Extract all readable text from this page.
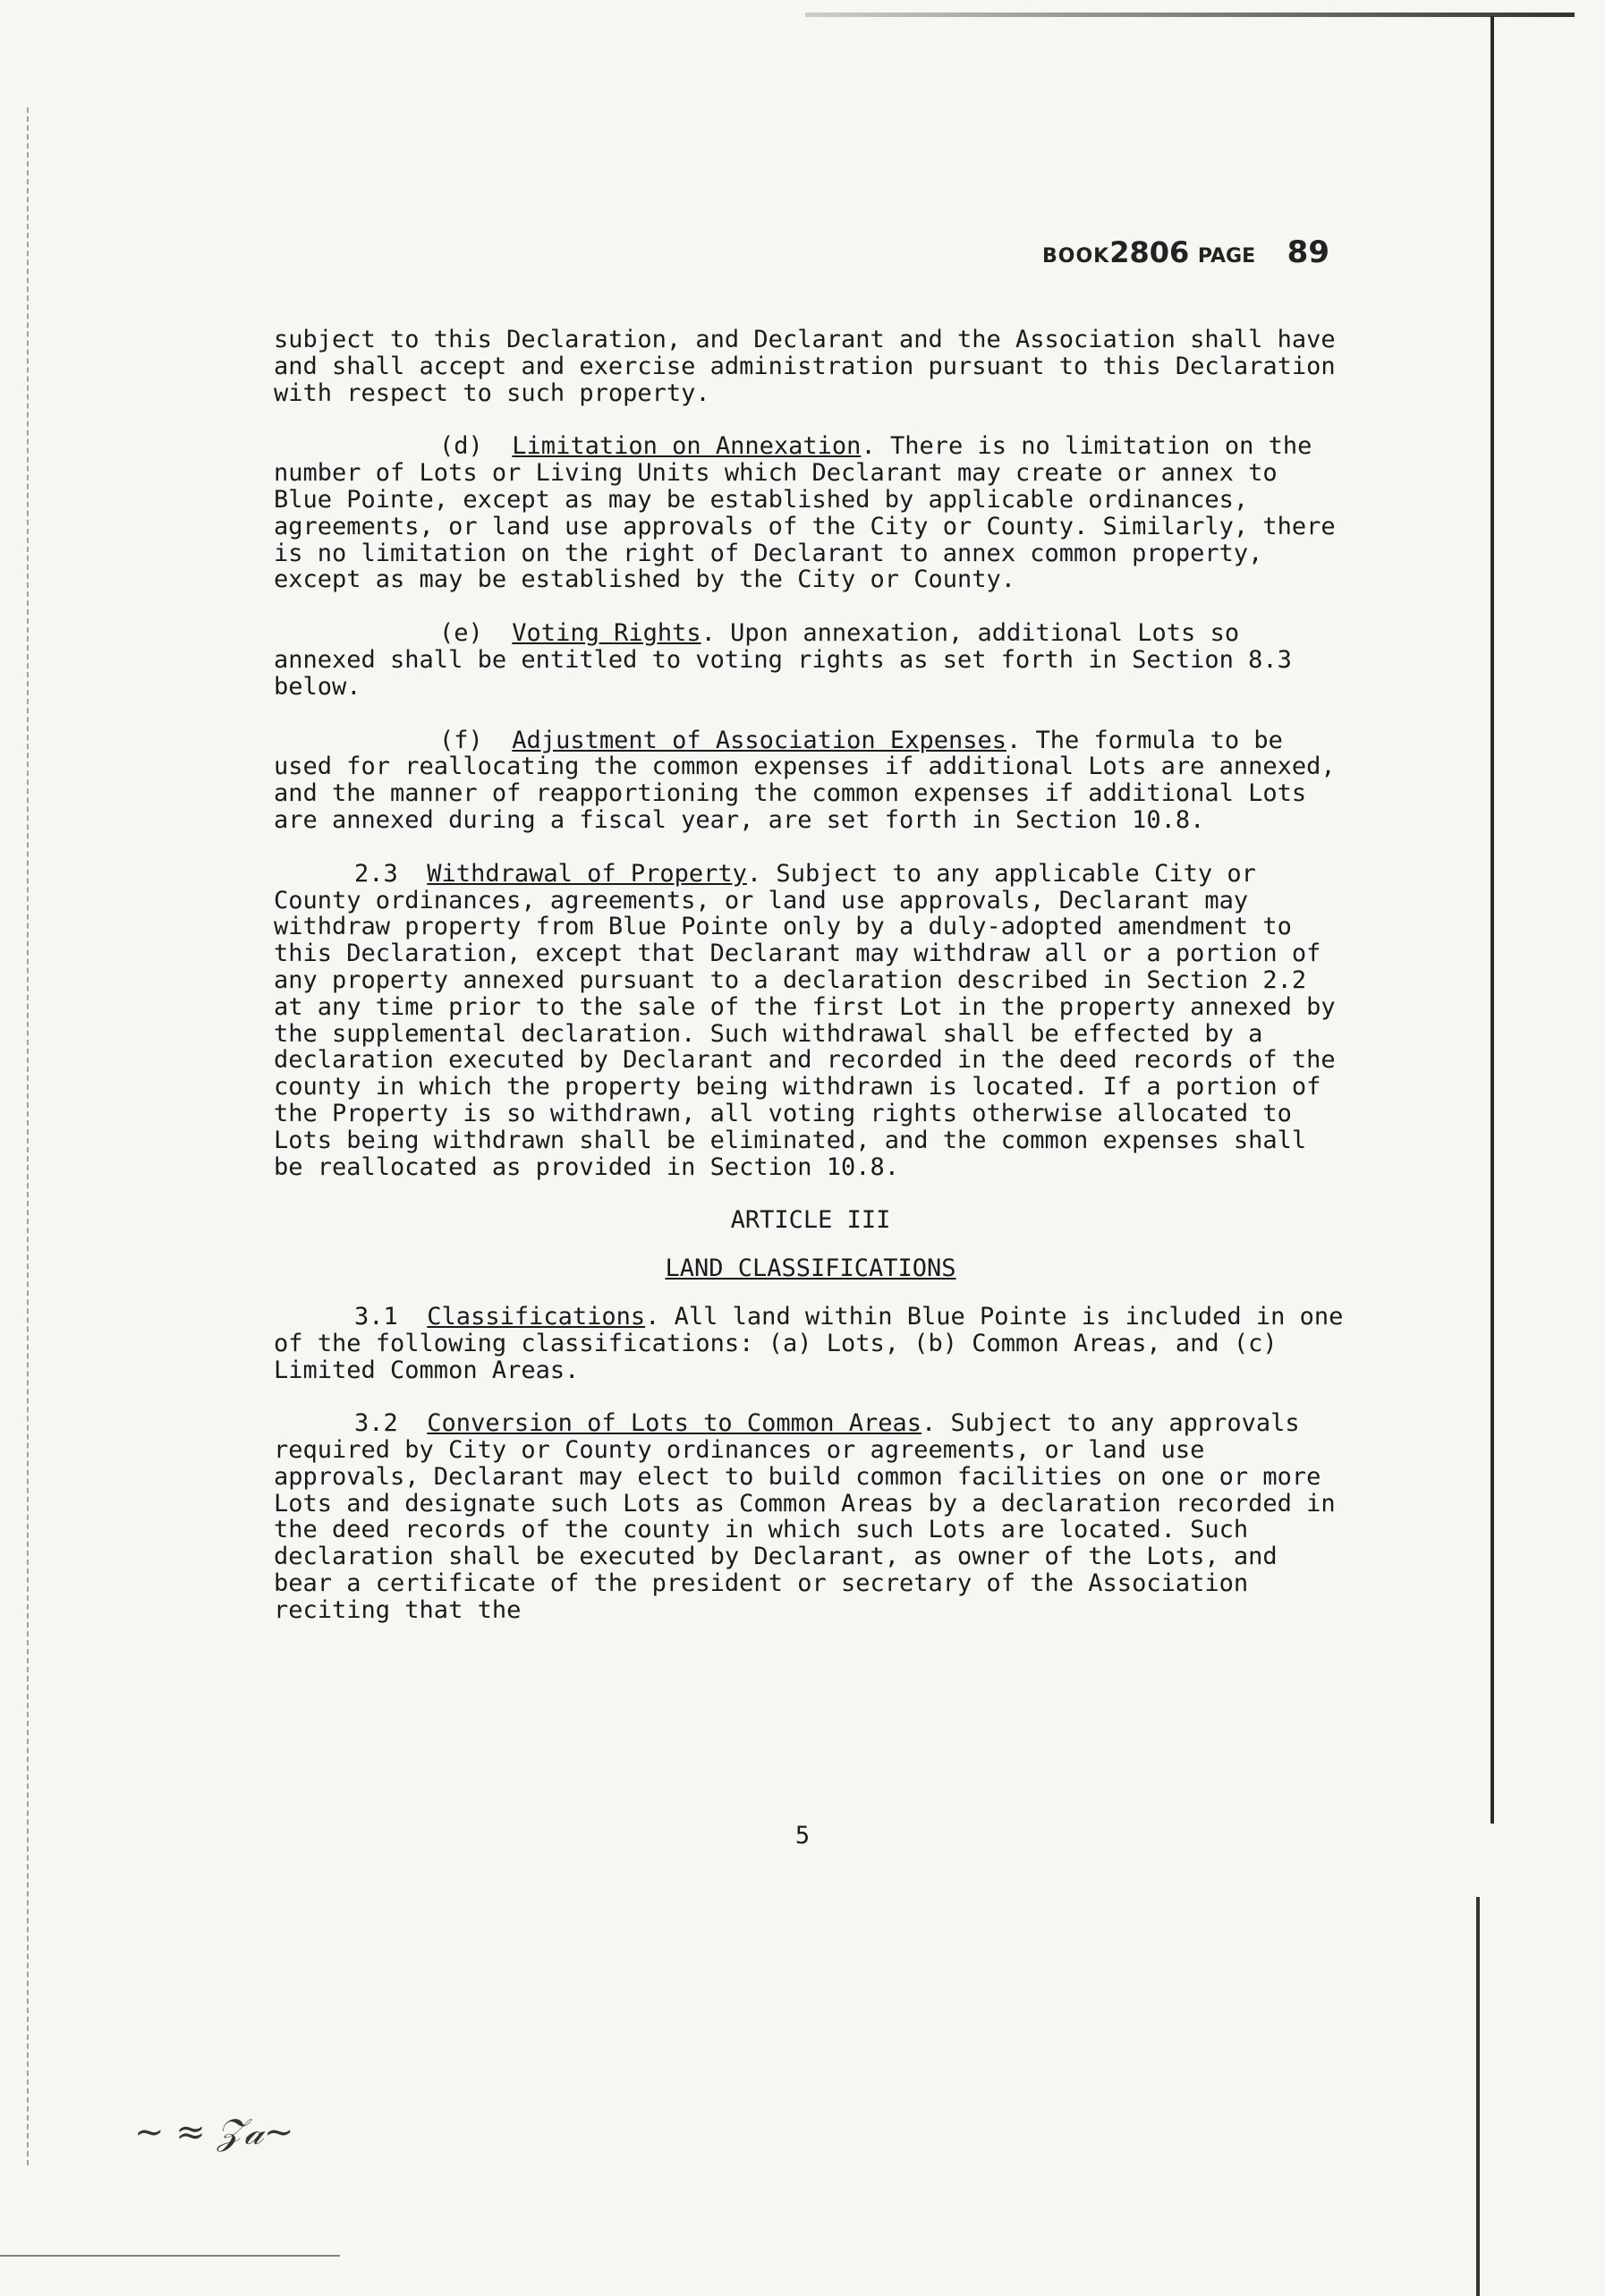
~ ≈ 𝒵𝒶~
BOOK2806 PAGE 89

subject to this Declaration, and Declarant and the Association shall have and shall accept and exercise administration pursuant to this Declaration with respect to such property.

(d) Limitation on Annexation. There is no limitation on the number of Lots or Living Units which Declarant may create or annex to Blue Pointe, except as may be established by applicable ordinances, agreements, or land use approvals of the City or County. Similarly, there is no limitation on the right of Declarant to annex common property, except as may be established by the City or County.

(e) Voting Rights. Upon annexation, additional Lots so annexed shall be entitled to voting rights as set forth in Section 8.3 below.

(f) Adjustment of Association Expenses. The formula to be used for reallocating the common expenses if additional Lots are annexed, and the manner of reapportioning the common expenses if additional Lots are annexed during a fiscal year, are set forth in Section 10.8.

2.3 Withdrawal of Property. Subject to any applicable City or County ordinances, agreements, or land use approvals, Declarant may withdraw property from Blue Pointe only by a duly-adopted amendment to this Declaration, except that Declarant may withdraw all or a portion of any property annexed pursuant to a declaration described in Section 2.2 at any time prior to the sale of the first Lot in the property annexed by the supplemental declaration. Such withdrawal shall be effected by a declaration executed by Declarant and recorded in the deed records of the county in which the property being withdrawn is located. If a portion of the Property is so withdrawn, all voting rights otherwise allocated to Lots being withdrawn shall be eliminated, and the common expenses shall be reallocated as provided in Section 10.8.

ARTICLE III

LAND CLASSIFICATIONS

3.1 Classifications. All land within Blue Pointe is included in one of the following classifications: (a) Lots, (b) Common Areas, and (c) Limited Common Areas.

3.2 Conversion of Lots to Common Areas. Subject to any approvals required by City or County ordinances or agreements, or land use approvals, Declarant may elect to build common facilities on one or more Lots and designate such Lots as Common Areas by a declaration recorded in the deed records of the county in which such Lots are located. Such declaration shall be executed by Declarant, as owner of the Lots, and bear a certificate of the president or secretary of the Association reciting that the

5
